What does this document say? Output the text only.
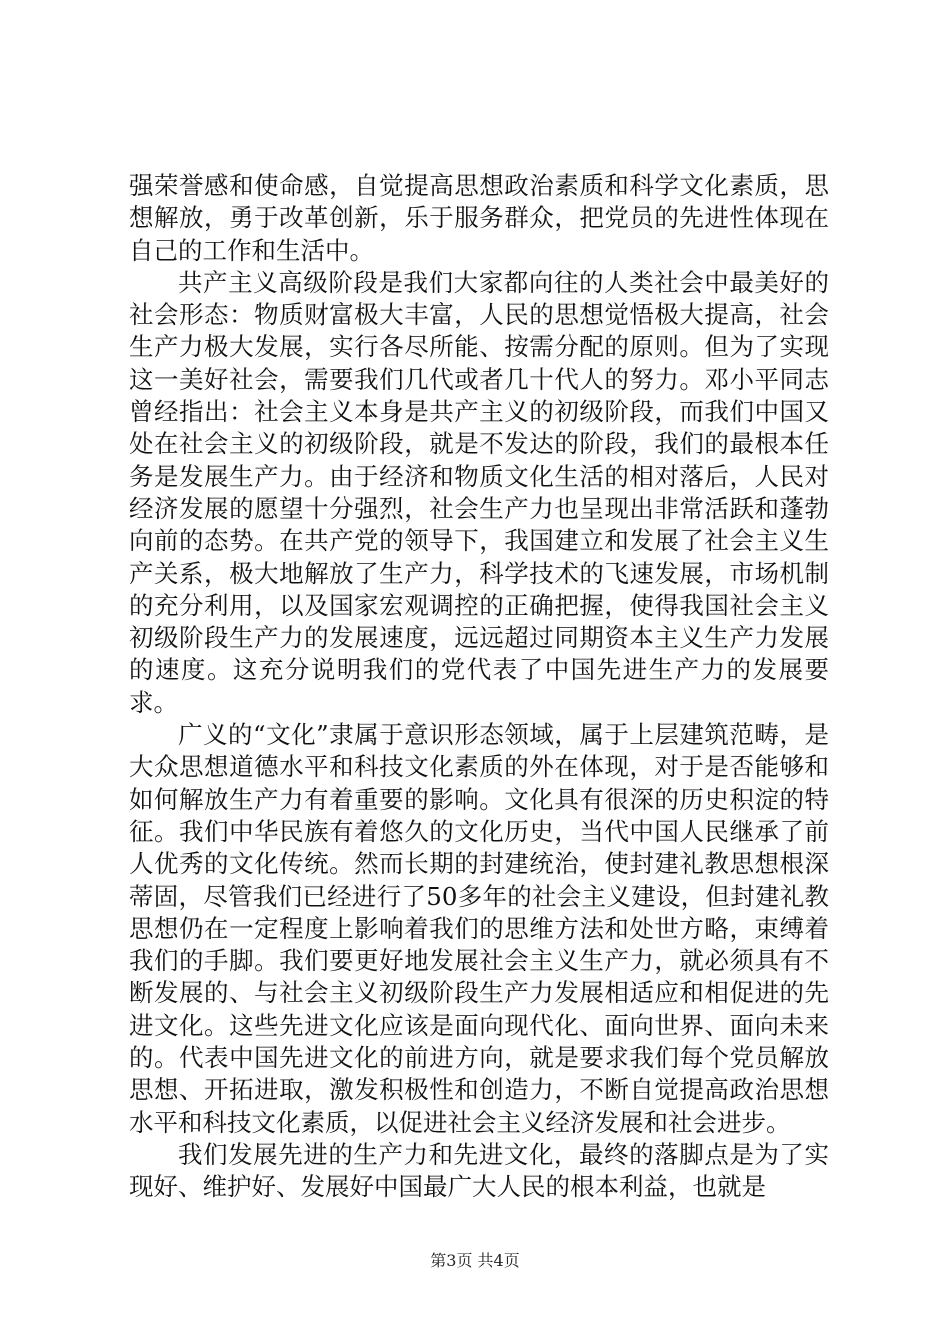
强荣誉感和使命感，自觉提高思想政治素质和科学文化素质，思想解放，勇于改革创新，乐于服务群众，把党员的先进性体现在自己的工作和生活中。

共产主义高级阶段是我们大家都向往的人类社会中最美好的社会形态：物质财富极大丰富，人民的思想觉悟极大提高，社会生产力极大发展，实行各尽所能、按需分配的原则。但为了实现这一美好社会，需要我们几代或者几十代人的努力。邓小平同志曾经指出：社会主义本身是共产主义的初级阶段，而我们中国又处在社会主义的初级阶段，就是不发达的阶段，我们的最根本任务是发展生产力。由于经济和物质文化生活的相对落后，人民对经济发展的愿望十分强烈，社会生产力也呈现出非常活跃和蓬勃向前的态势。在共产党的领导下，我国建立和发展了社会主义生产关系，极大地解放了生产力，科学技术的飞速发展，市场机制的充分利用，以及国家宏观调控的正确把握，使得我国社会主义初级阶段生产力的发展速度，远远超过同期资本主义生产力发展的速度。这充分说明我们的党代表了中国先进生产力的发展要求。

广义的“文化”隶属于意识形态领域，属于上层建筑范畴，是大众思想道德水平和科技文化素质的外在体现，对于是否能够和如何解放生产力有着重要的影响。文化具有很深的历史积淀的特征。我们中华民族有着悠久的文化历史，当代中国人民继承了前人优秀的文化传统。然而长期的封建统治，使封建礼教思想根深蒂固，尽管我们已经进行了50多年的社会主义建设，但封建礼教思想仍在一定程度上影响着我们的思维方法和处世方略，束缚着我们的手脚。我们要更好地发展社会主义生产力，就必须具有不断发展的、与社会主义初级阶段生产力发展相适应和相促进的先进文化。这些先进文化应该是面向现代化、面向世界、面向未来的。代表中国先进文化的前进方向，就是要求我们每个党员解放思想、开拓进取，激发积极性和创造力，不断自觉提高政治思想水平和科技文化素质，以促进社会主义经济发展和社会进步。

我们发展先进的生产力和先进文化，最终的落脚点是为了实现好、维护好、发展好中国最广大人民的根本利益，也就是

第3页 共4页
